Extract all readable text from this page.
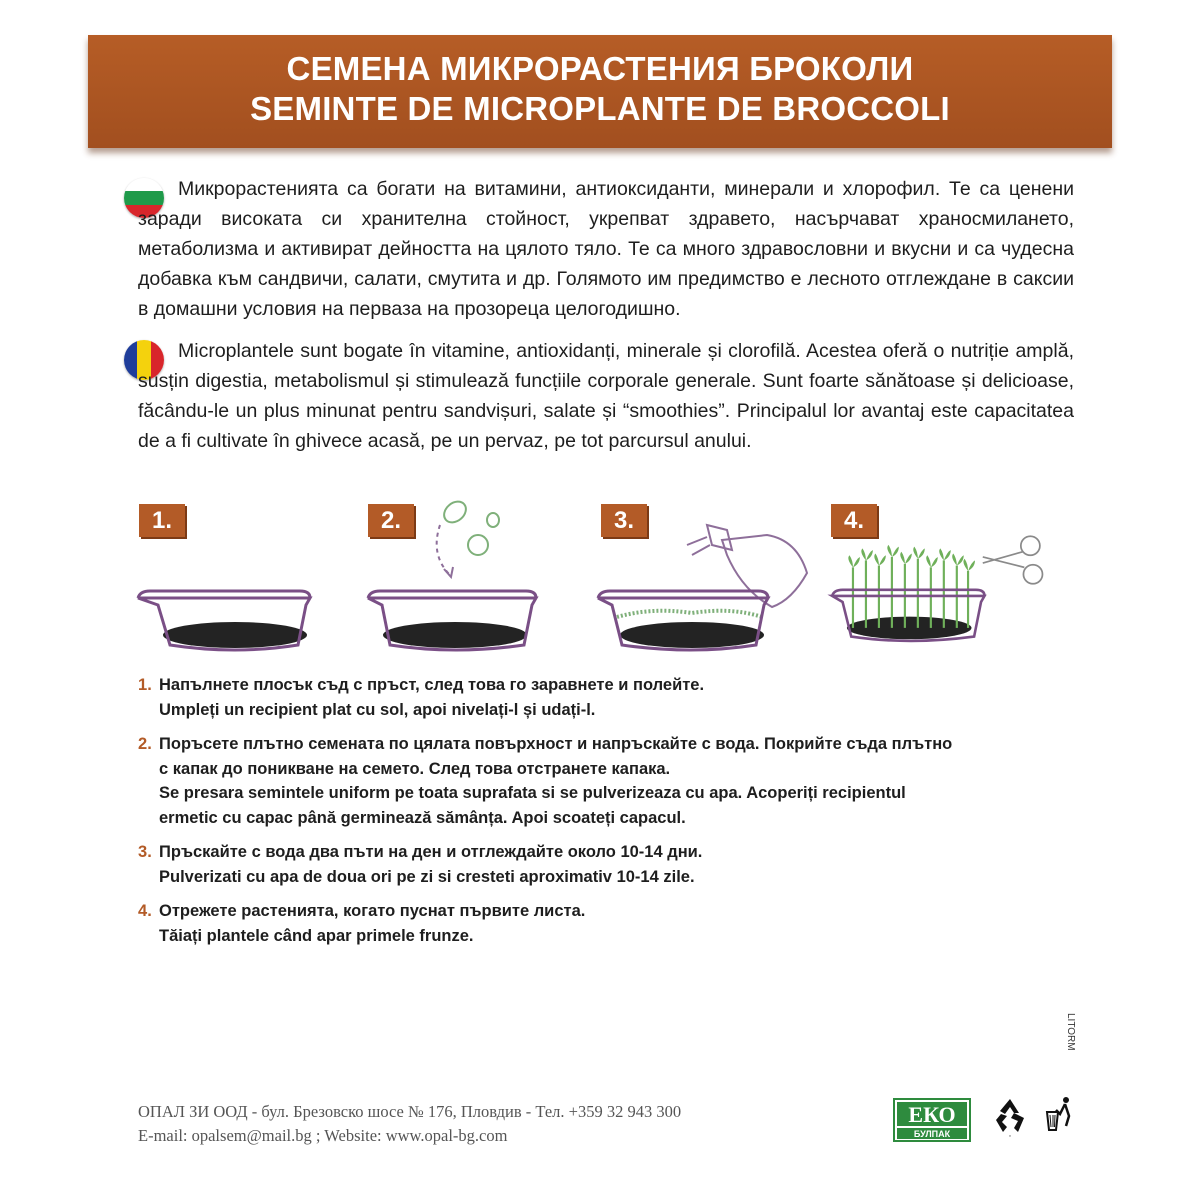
СЕМЕНА МИКРОРАСТЕНИЯ БРОКОЛИ
SEMINTE DE MICROPLANTE DE BROCCOLI

Микрорастенията са богати на витамини, антиоксиданти, минерали и хлорофил. Те са ценени заради високата си хранителна стойност, укрепват здравето, насърчават храносмилането, метаболизма и активират дейността на цялото тяло. Те са много здравословни и вкусни и са чудесна добавка към сандвичи, салати, смутита и др. Голямото им предимство е лесното отглеждане в саксии в домашни условия на перваза на прозореца целогодишно.

Microplantele sunt bogate în vitamine, antioxidanți, minerale și clorofilă. Acestea oferă o nutriție amplă, susțin digestia, metabolismul și stimulează funcțiile corporale generale. Sunt foarte sănătoase și delicioase, făcându-le un plus minunat pentru sandvișuri, salate și “smoothies”. Principalul lor avantaj este capacitatea de a fi cultivate în ghivece acasă, pe un pervaz, pe tot parcursul anului.

1.	2.	3.	4.
1. Напълнете плосък съд с пръст, след това го заравнете и полейте.
Umpleți un recipient plat cu sol, apoi nivelați-l și udați-l.
2. Поръсете плътно семената по цялата повърхност и напръскайте с вода. Покрийте съда плътно
с капак до поникване на семето. След това отстранете капака.
Se presara semintele uniform pe toata suprafata si se pulverizeaza cu apa. Acoperiți recipientul
ermetic cu capac până germinează sămânța. Apoi scoateți capacul.
3. Пръскайте с вода два пъти на ден и отглеждайте около 10-14 дни.
Pulverizati cu apa de doua ori pe zi si cresteti aproximativ 10-14 zile.
4. Отрежете растенията, когато пуснат първите листа.
Tăiați plantele când apar primele frunze.
LITORM
ОПАЛ ЗИ ООД - бул. Брезовско шосе № 176, Пловдив - Тел. +359 32 943 300
E-mail: opalsem@mail.bg ; Website: www.opal-bg.com
ЕКО
БУЛПАК	*
